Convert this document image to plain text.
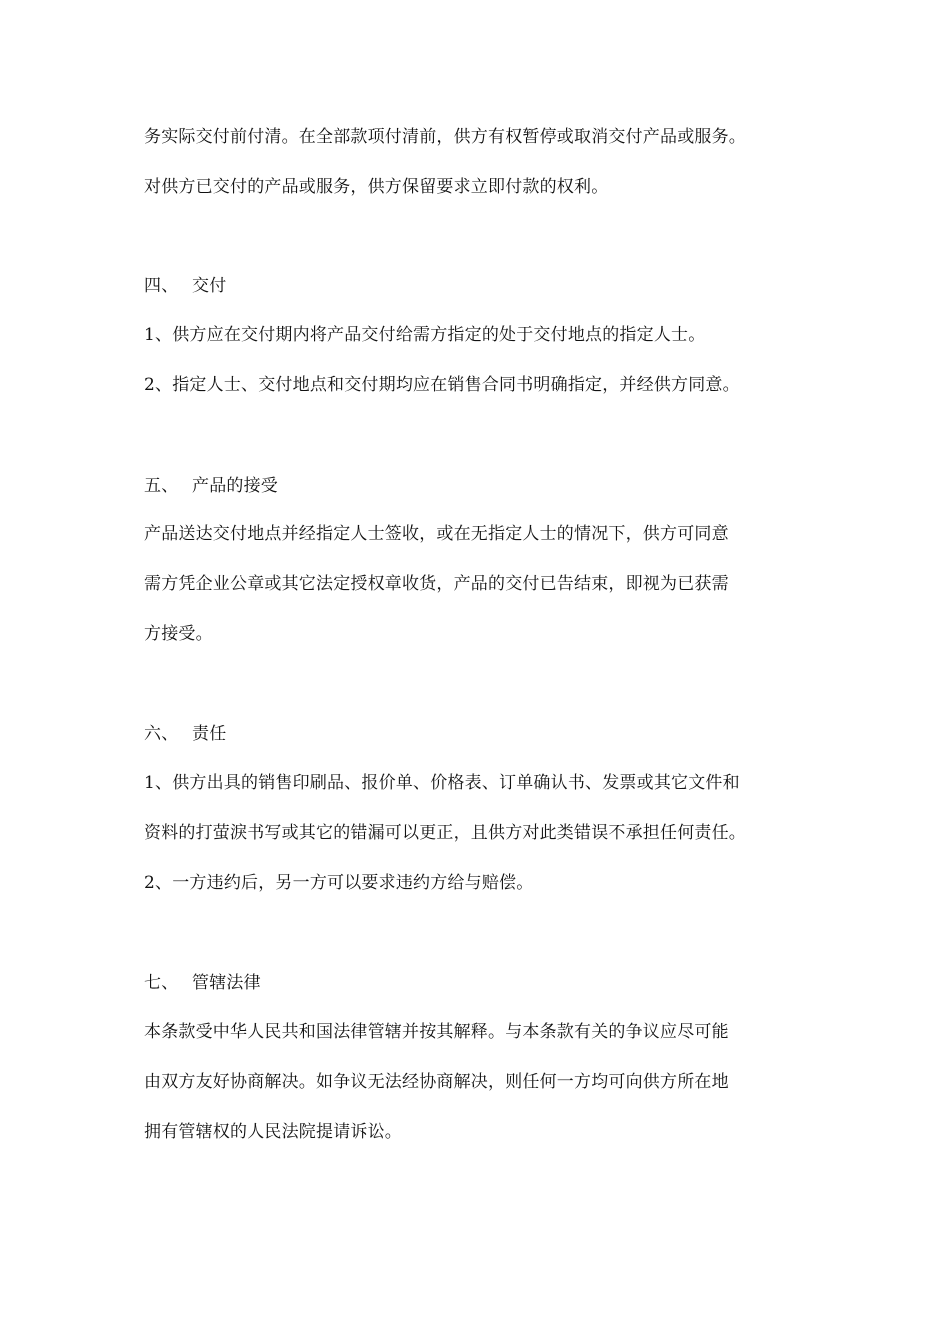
务实际交付前付清。在全部款项付清前，供方有权暂停或取消交付产品或服务。
对供方已交付的产品或服务，供方保留要求立即付款的权利。
四、 交付
1、供方应在交付期内将产品交付给需方指定的处于交付地点的指定人士。
2、指定人士、交付地点和交付期均应在销售合同书明确指定，并经供方同意。
五、 产品的接受
产品送达交付地点并经指定人士签收，或在无指定人士的情况下，供方可同意
需方凭企业公章或其它法定授权章收货，产品的交付已告结束，即视为已获需
方接受。
六、 责任
1、供方出具的销售印刷品、报价单、价格表、订单确认书、发票或其它文件和
资料的打萤淚书写或其它的错漏可以更正，且供方对此类错误不承担任何责任。
2、一方违约后，另一方可以要求违约方给与赔偿。
七、 管辖法律
本条款受中华人民共和国法律管辖并按其解释。与本条款有关的争议应尽可能
由双方友好协商解决。如争议无法经协商解决，则任何一方均可向供方所在地
拥有管辖权的人民法院提请诉讼。
